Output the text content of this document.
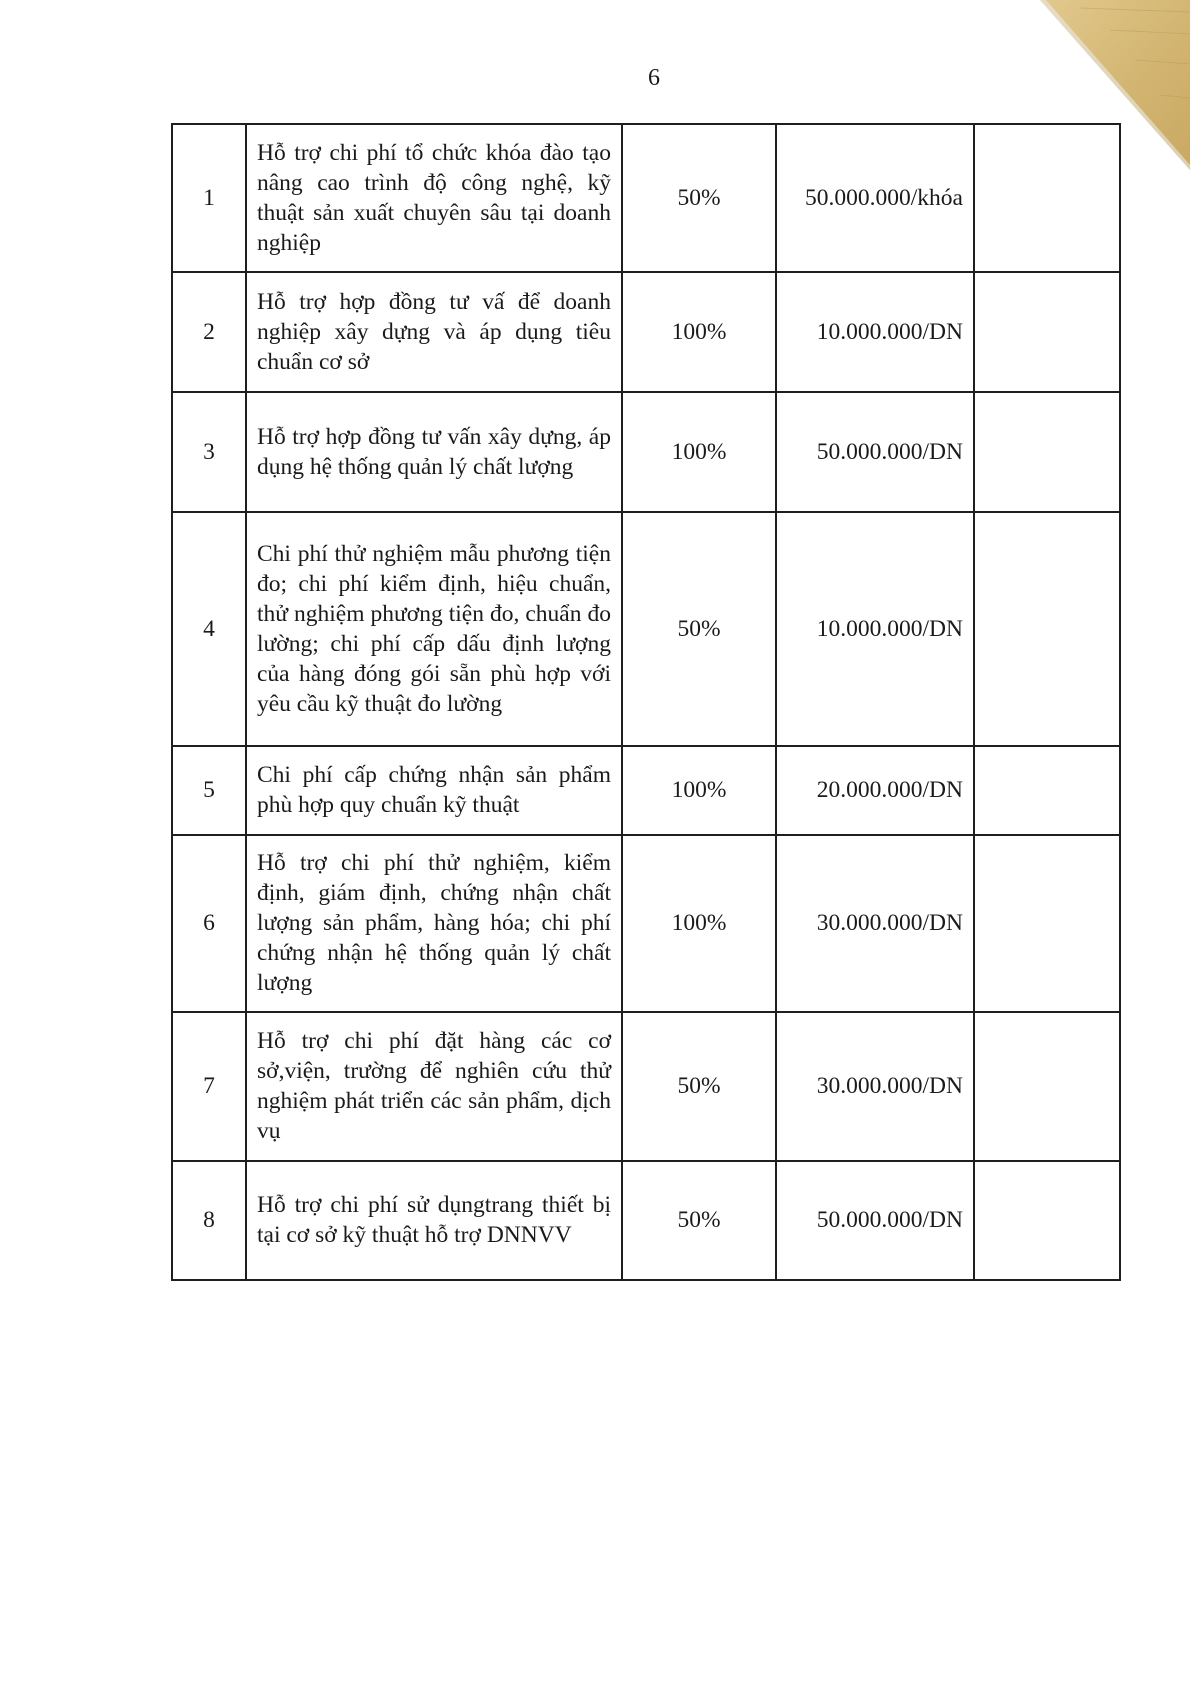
6
1	Hỗ trợ chi phí tổ chức khóa đào tạo nâng cao trình độ công nghệ, kỹ thuật sản xuất chuyên sâu tại doanh nghiệp	50%	50.000.000/khóa	
2	Hỗ trợ hợp đồng tư vấ để doanh nghiệp xây dựng và áp dụng tiêu chuẩn cơ sở	100%	10.000.000/DN	
3	Hỗ trợ hợp đồng tư vấn xây dựng, áp dụng hệ thống quản lý chất lượng	100%	50.000.000/DN	
4	Chi phí thử nghiệm mẫu phương tiện đo; chi phí kiểm định, hiệu chuẩn, thử nghiệm phương tiện đo, chuẩn đo lường; chi phí cấp dấu định lượng của hàng đóng gói sẵn phù hợp với yêu cầu kỹ thuật đo lường	50%	10.000.000/DN	
5	Chi phí cấp chứng nhận sản phẩm phù hợp quy chuẩn kỹ thuật	100%	20.000.000/DN	
6	Hỗ trợ chi phí thử nghiệm, kiểm định, giám định, chứng nhận chất lượng sản phẩm, hàng hóa; chi phí chứng nhận hệ thống quản lý chất lượng	100%	30.000.000/DN	
7	Hỗ trợ chi phí đặt hàng các cơ sở,viện, trường để nghiên cứu thử nghiệm phát triển các sản phẩm, dịch vụ	50%	30.000.000/DN	
8	Hỗ trợ chi phí sử dụngtrang thiết bị tại cơ sở kỹ thuật hỗ trợ DNNVV	50%	50.000.000/DN	
